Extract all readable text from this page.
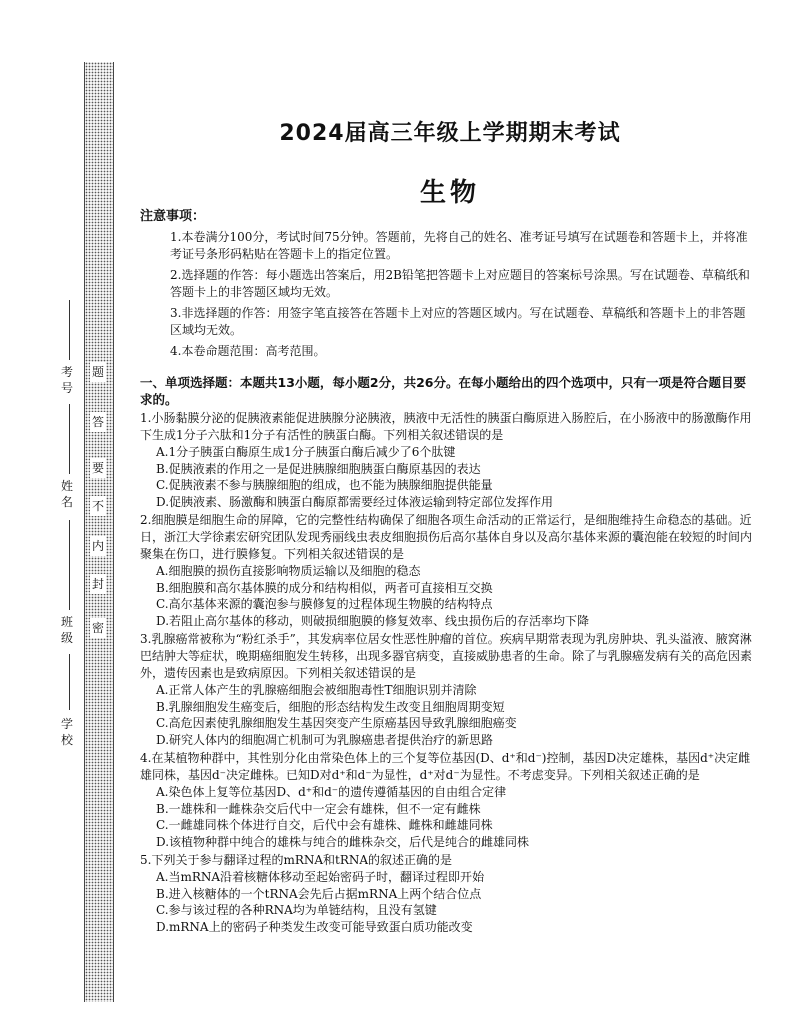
题
答
要
不
内
封
密
考号
姓名
班级
学校
2024届高三年级上学期期末考试
生物
注意事项：
1.本卷满分100分，考试时间75分钟。答题前，先将自己的姓名、准考证号填写在试题卷和答题卡上，并将准考证号条形码粘贴在答题卡上的指定位置。
2.选择题的作答：每小题选出答案后，用2B铅笔把答题卡上对应题目的答案标号涂黑。写在试题卷、草稿纸和答题卡上的非答题区域均无效。
3.非选择题的作答：用签字笔直接答在答题卡上对应的答题区域内。写在试题卷、草稿纸和答题卡上的非答题区域均无效。
4.本卷命题范围：高考范围。
一、单项选择题：本题共13小题，每小题2分，共26分。在每小题给出的四个选项中，只有一项是符合题目要求的。
1.小肠黏膜分泌的促胰液素能促进胰腺分泌胰液，胰液中无活性的胰蛋白酶原进入肠腔后，在小肠液中的肠激酶作用下生成1分子六肽和1分子有活性的胰蛋白酶。下列相关叙述错误的是
A.1分子胰蛋白酶原生成1分子胰蛋白酶后减少了6个肽键
B.促胰液素的作用之一是促进胰腺细胞胰蛋白酶原基因的表达
C.促胰液素不参与胰腺细胞的组成，也不能为胰腺细胞提供能量
D.促胰液素、肠激酶和胰蛋白酶原都需要经过体液运输到特定部位发挥作用
2.细胞膜是细胞生命的屏障，它的完整性结构确保了细胞各项生命活动的正常运行，是细胞维持生命稳态的基础。近日，浙江大学徐素宏研究团队发现秀丽线虫表皮细胞损伤后高尔基体自身以及高尔基体来源的囊泡能在较短的时间内聚集在伤口，进行膜修复。下列相关叙述错误的是
A.细胞膜的损伤直接影响物质运输以及细胞的稳态
B.细胞膜和高尔基体膜的成分和结构相似，两者可直接相互交换
C.高尔基体来源的囊泡参与膜修复的过程体现生物膜的结构特点
D.若阻止高尔基体的移动，则破损细胞膜的修复效率、线虫损伤后的存活率均下降
3.乳腺癌常被称为“粉红杀手”，其发病率位居女性恶性肿瘤的首位。疾病早期常表现为乳房肿块、乳头溢液、腋窝淋巴结肿大等症状，晚期癌细胞发生转移，出现多器官病变，直接威胁患者的生命。除了与乳腺癌发病有关的高危因素外，遗传因素也是致病原因。下列相关叙述错误的是
A.正常人体产生的乳腺癌细胞会被细胞毒性T细胞识别并清除
B.乳腺细胞发生癌变后，细胞的形态结构发生改变且细胞周期变短
C.高危因素使乳腺细胞发生基因突变产生原癌基因导致乳腺细胞癌变
D.研究人体内的细胞凋亡机制可为乳腺癌患者提供治疗的新思路
4.在某植物种群中，其性别分化由常染色体上的三个复等位基因(D、d⁺和d⁻)控制，基因D决定雄株，基因d⁺决定雌雄同株，基因d⁻决定雌株。已知D对d⁺和d⁻为显性，d⁺对d⁻为显性。不考虑变异。下列相关叙述正确的是
A.染色体上复等位基因D、d⁺和d⁻的遗传遵循基因的自由组合定律
B.一雄株和一雌株杂交后代中一定会有雄株，但不一定有雌株
C.一雌雄同株个体进行自交，后代中会有雄株、雌株和雌雄同株
D.该植物种群中纯合的雄株与纯合的雌株杂交，后代是纯合的雌雄同株
5.下列关于参与翻译过程的mRNA和tRNA的叙述正确的是
A.当mRNA沿着核糖体移动至起始密码子时，翻译过程即开始
B.进入核糖体的一个tRNA会先后占据mRNA上两个结合位点
C.参与该过程的各种RNA均为单链结构，且没有氢键
D.mRNA上的密码子种类发生改变可能导致蛋白质功能改变
